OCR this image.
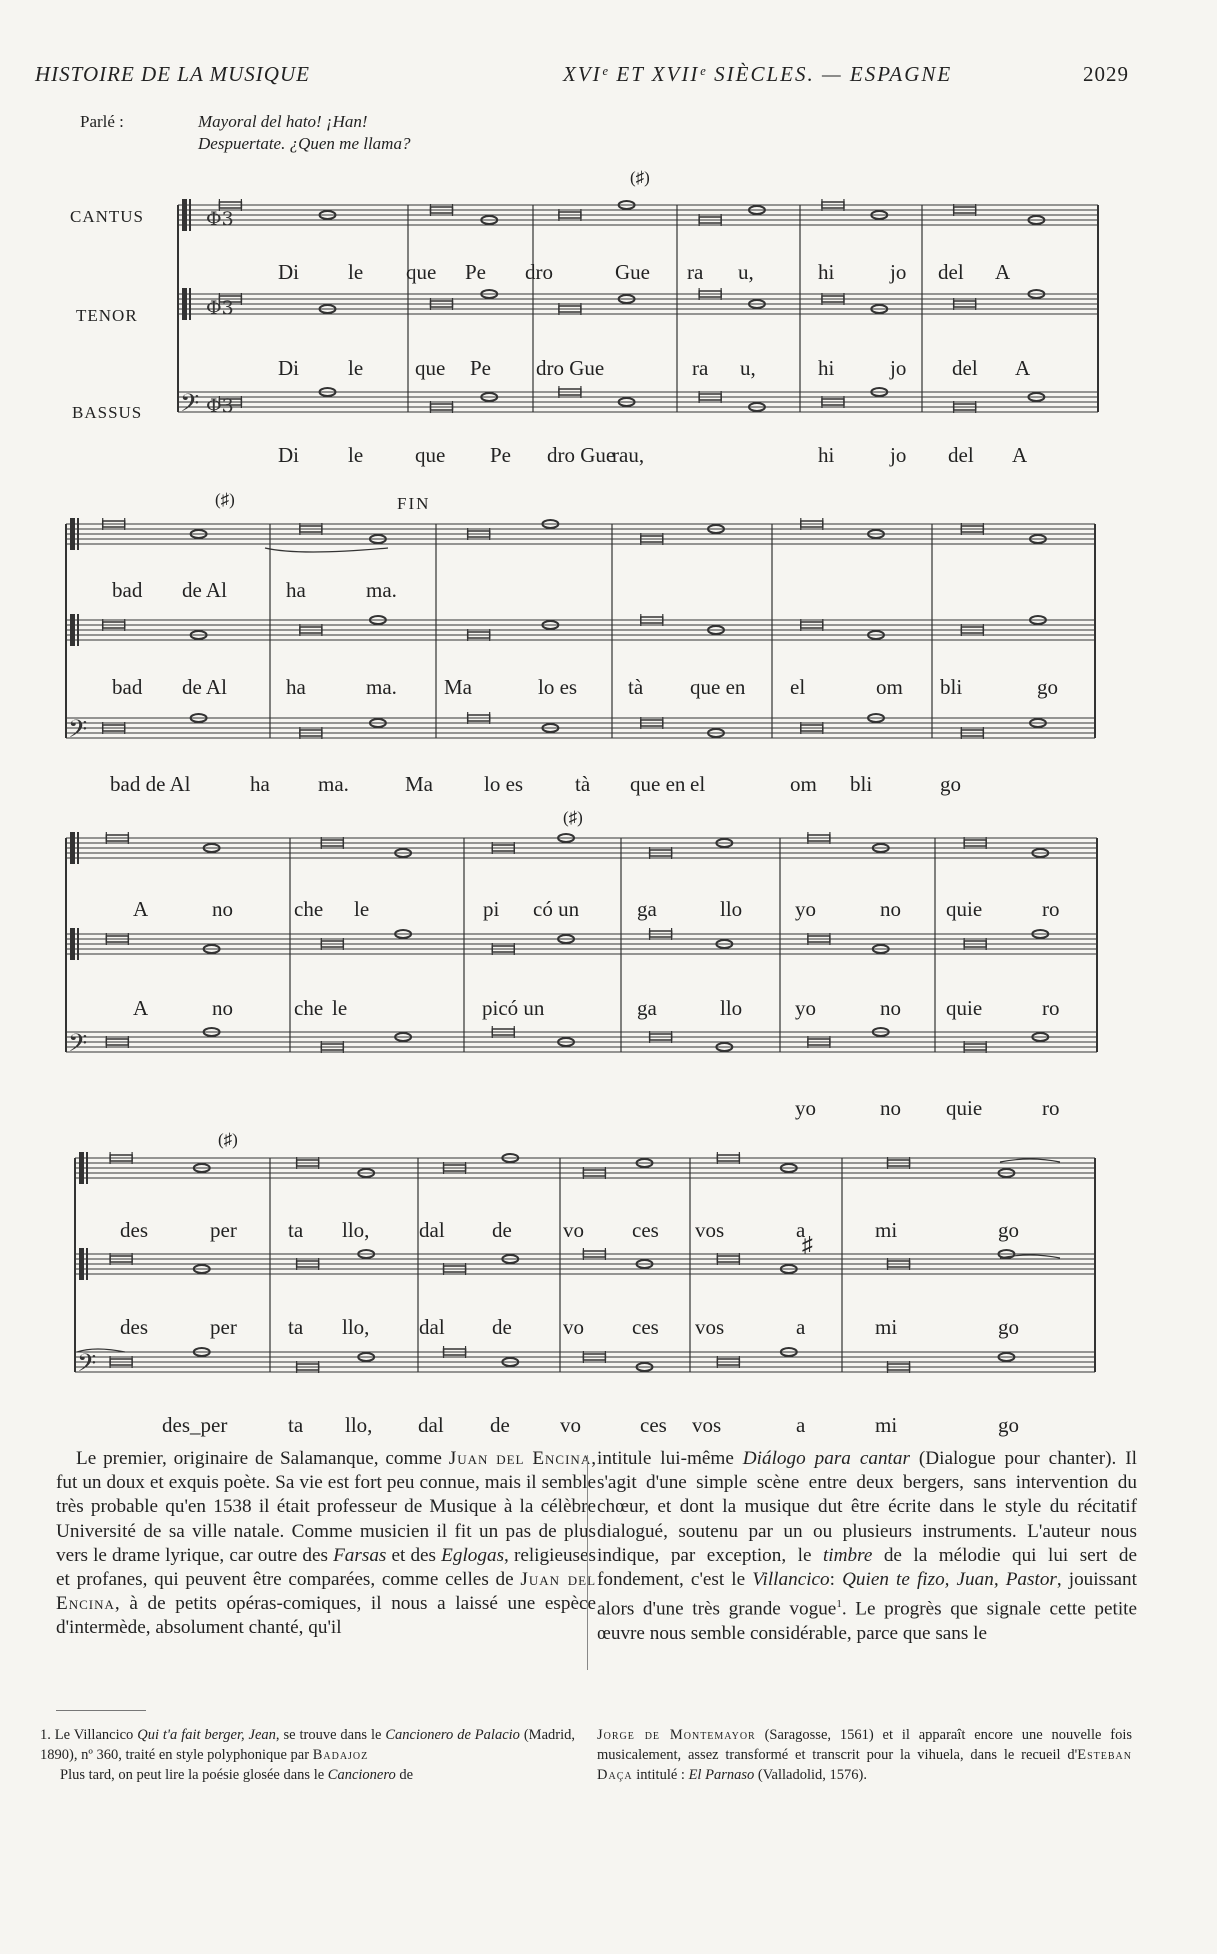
HISTOIRE DE LA MUSIQUE	XVIᵉ ET XVIIᵉ SIÈCLES. — ESPAGNE	2029
Parlé :	Mayoral del hato! ¡Han!
Despuertate. ¿Quen me llama?
CANTUS
TENOR
BASSUS
(♯)
(♯)	FIN
(♯)
(♯)
♯
Φ3
Φ3
𝄢 Φ3
𝄢
𝄢
𝄢
Di le que Pe dro	Gue ra u,	hi	jo del A
Di le que Pe dro Gue	ra u,	hi	jo del A
Di le que Pe dro Gue
rau,	hi	jo del A
bad de Al	ha	ma.
bad de Al	ha	ma. Ma	lo es tà que en el	om bli	go
bad de Al	ha ma.	Ma lo es tà que en el	om bli	go
A	no	che le	pi có un	ga	llo	yo	no quie	ro
A	no	che le	picó un	ga	llo	yo	no quie	ro
yo	no quie	ro
des	per ta llo, dal de vo ces vos	a	mi	go
des	per ta llo, dal de vo ces vos	a	mi	go
des_per	ta llo, dal de vo	ces vos	a	mi	go

Le premier, originaire de Salamanque, comme Juan del Encina, fut un doux et exquis poète. Sa vie est fort peu connue, mais il semble très probable qu'en 1538 il était professeur de Musique à la célèbre Université de sa ville natale. Comme musicien il fit un pas de plus vers le drame lyrique, car outre des Farsas et des Eglogas, religieuses et profanes, qui peuvent être comparées, comme celles de Juan del Encina, à de petits opéras-comiques, il nous a laissé une espèce d'intermède, absolument chanté, qu'il

intitule lui-même Diálogo para cantar (Dialogue pour chanter). Il s'agit d'une simple scène entre deux bergers, sans intervention du chœur, et dont la musique dut être écrite dans le style du récitatif dialogué, soutenu par un ou plusieurs instruments. L'auteur nous indique, par exception, le timbre de la mélodie qui lui sert de fondement, c'est le Villancico: Quien te fizo, Juan, Pastor, jouissant alors d'une très grande vogue$^1$. Le progrès que signale cette petite œuvre nous semble considérable, parce que sans le

1. Le Villancico Qui t'a fait berger, Jean, se trouve dans le Cancionero de Palacio (Madrid, 1890), nº 360, traité en style polyphonique par Badajoz

Plus tard, on peut lire la poésie glosée dans le Cancionero de

Jorge de Montemayor (Saragosse, 1561) et il apparaît encore une nouvelle fois musicalement, assez transformé et transcrit pour la vihuela, dans le recueil d'Esteban Daça intitulé : El Parnaso (Valladolid, 1576).
